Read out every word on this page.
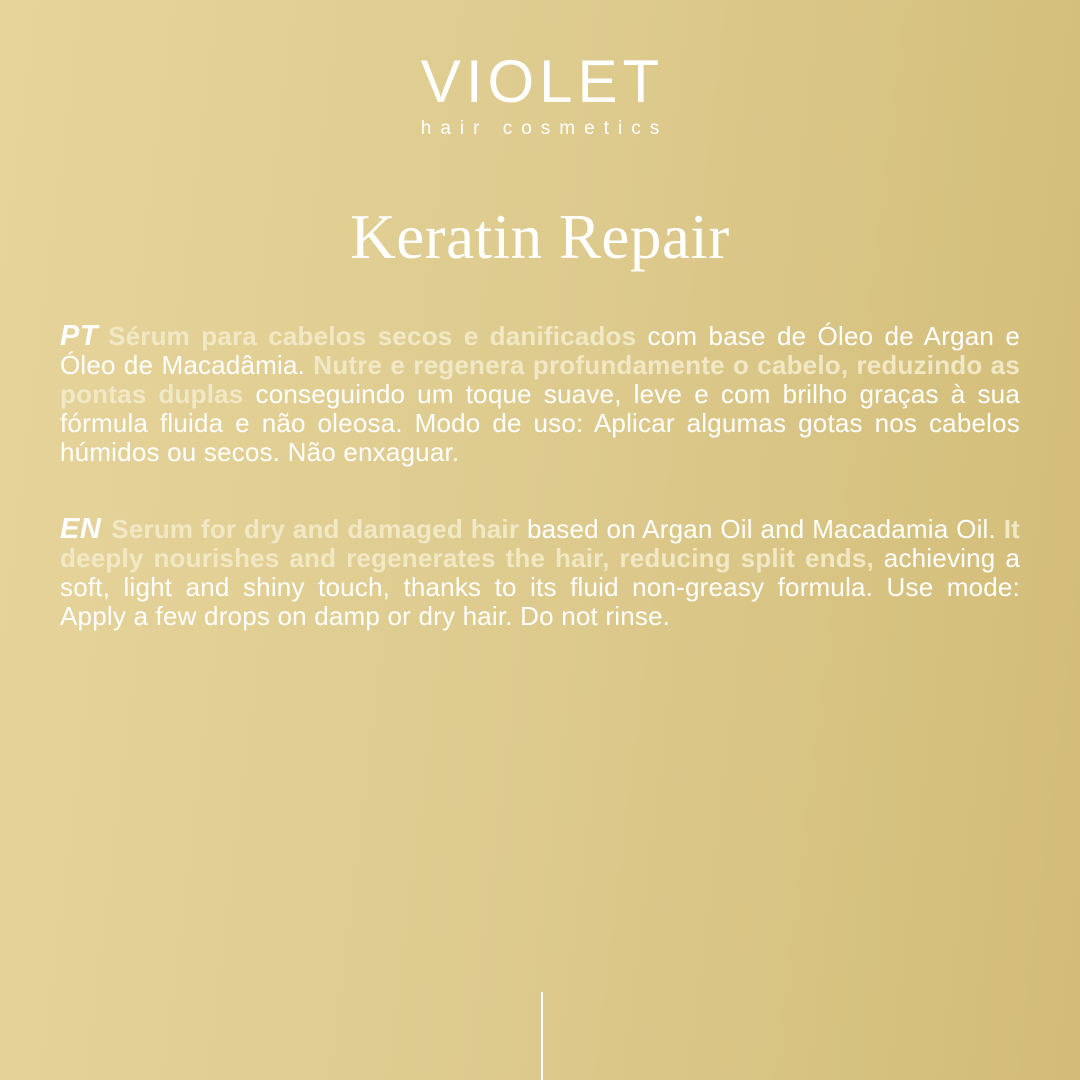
VIOLET
hair cosmetics
Keratin Repair

PT Sérum para cabelos secos e danificados com base de Óleo de Argan e Óleo de Macadâmia. Nutre e regenera profundamente o cabelo, reduzindo as pontas duplas conseguindo um toque suave, leve e com brilho graças à sua fórmula fluida e não oleosa. Modo de uso: Aplicar algumas gotas nos cabelos húmidos ou secos. Não enxaguar.

EN Serum for dry and damaged hair based on Argan Oil and Macadamia Oil. It deeply nourishes and regenerates the hair, reducing split ends, achieving a soft, light and shiny touch, thanks to its fluid non-greasy formula. Use mode: Apply a few drops on damp or dry hair. Do not rinse.
